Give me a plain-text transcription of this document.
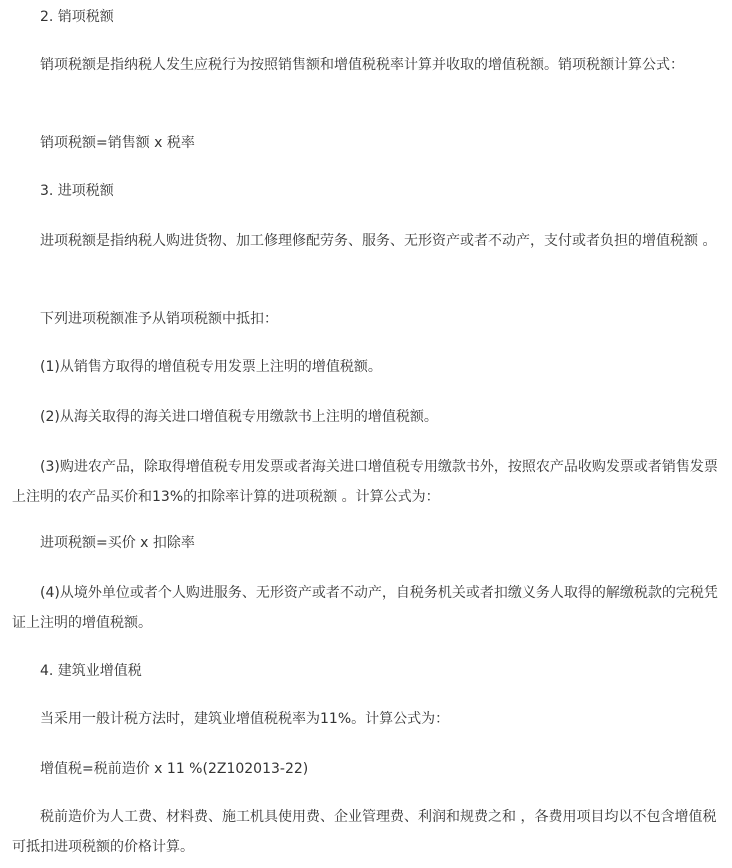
2. 销项税额

销项税额是指纳税人发生应税行为按照销售额和增值税税率计算并收取的增值税额。销项税额计算公式：

销项税额=销售额 x 税率

3. 进项税额

进项税额是指纳税人购进货物、加工修理修配劳务、服务、无形资产或者不动产，支付或者负担的增值税额 。

下列进项税额准予从销项税额中抵扣：

(1)从销售方取得的增值税专用发票上注明的增值税额。

(2)从海关取得的海关进口增值税专用缴款书上注明的增值税额。

(3)购进农产品，除取得增值税专用发票或者海关进口增值税专用缴款书外，按照农产品收购发票或者销售发票上注明的农产品买价和13%的扣除率计算的进项税额 。计算公式为：

进项税额=买价 x 扣除率

(4)从境外单位或者个人购进服务、无形资产或者不动产，自税务机关或者扣缴义务人取得的解缴税款的完税凭证上注明的增值税额。

4. 建筑业增值税

当采用一般计税方法时，建筑业增值税税率为11%。计算公式为：

增值税=税前造价 x 11 %(2Z102013-22)

税前造价为人工费、材料费、施工机具使用费、企业管理费、利润和规费之和 ，各费用项目均以不包含增值税可抵扣进项税额的价格计算。
